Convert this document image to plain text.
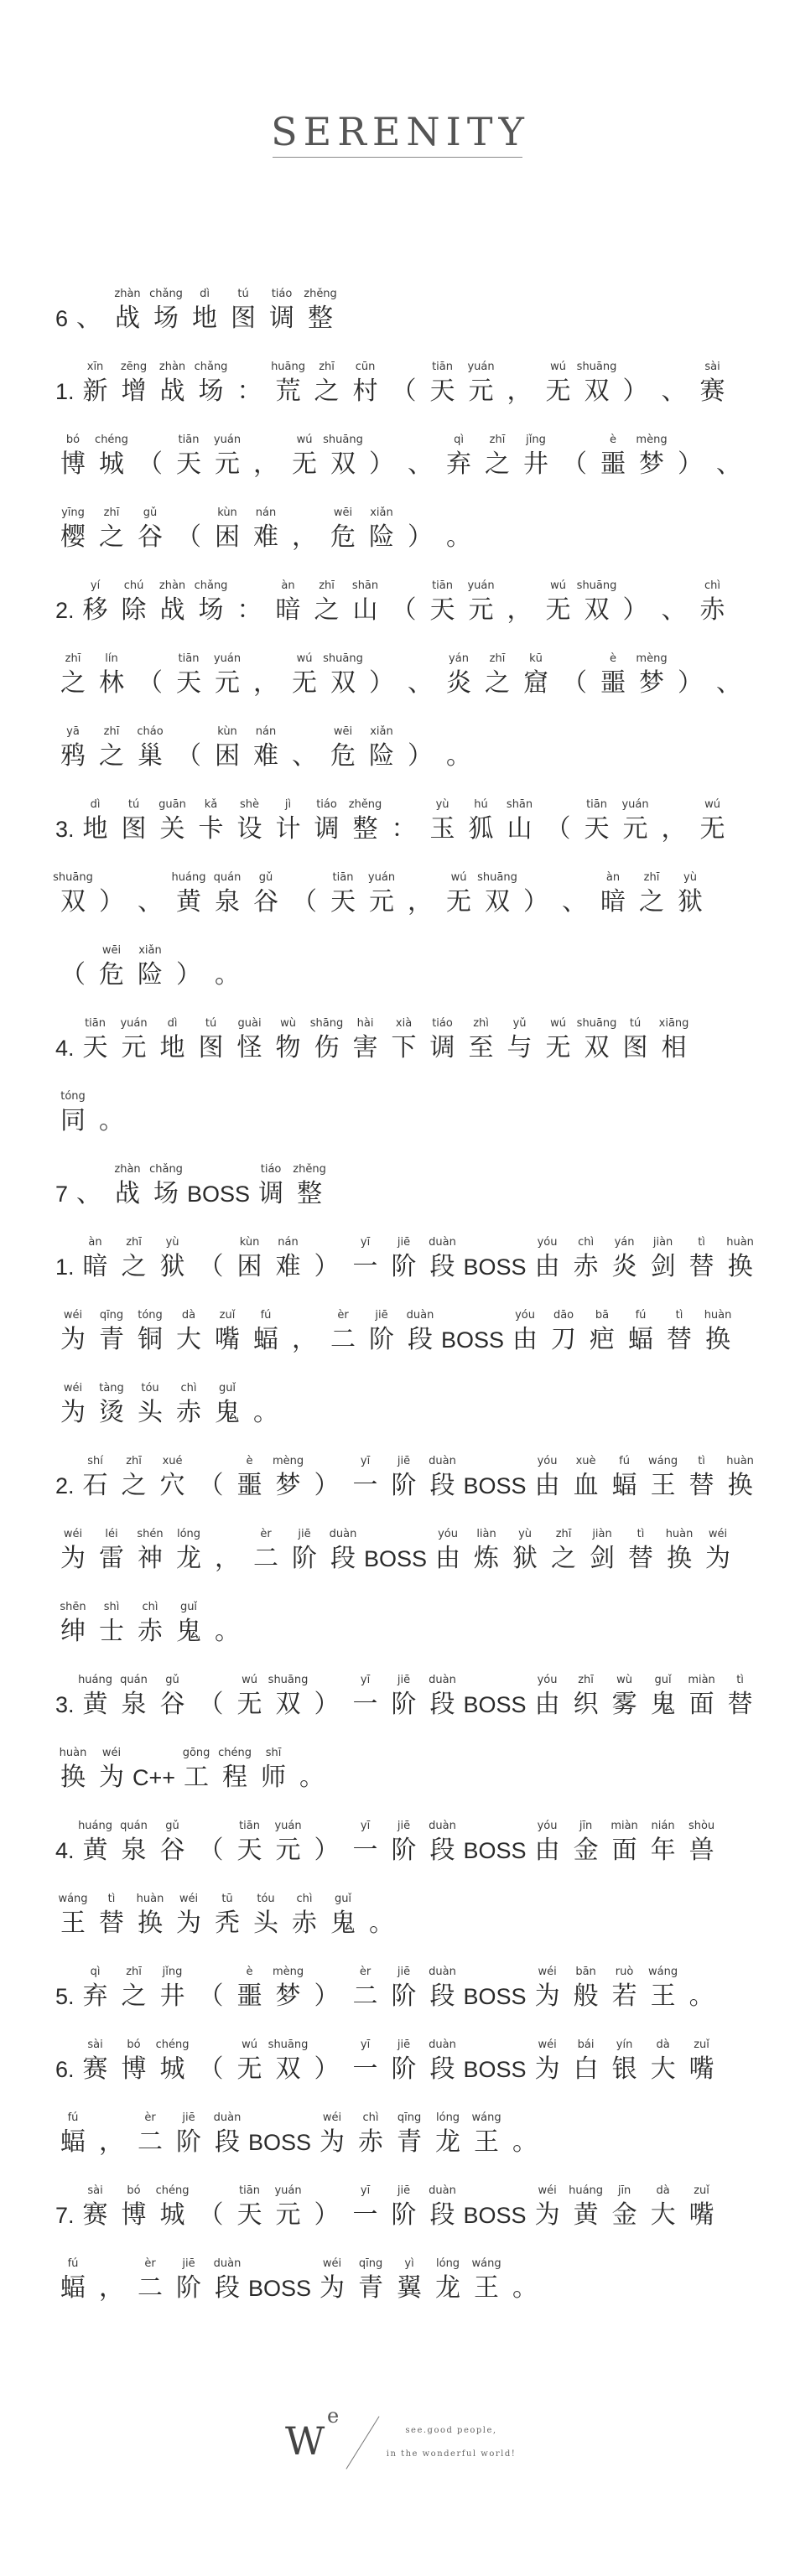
SERENITY
6 、
zhàn
战
chǎng
场
dì
地
tú
图
tiáo
调
zhěng
整
1.
xīn
新
zēng
增
zhàn
战
chǎng
场 ：
huāng
荒
zhī
之
cūn
村 （
tiān
天
yuán
元 ，
wú
无
shuāng
双 ） 、
sài
赛
bó
博
chéng
城 （
tiān
天
yuán
元 ，
wú
无
shuāng
双 ） 、
qì
弃
zhī
之
jǐng
井 （
è
噩
mèng
梦 ） 、
yīng
樱
zhī
之
gǔ
谷 （
kùn
困
nán
难 ，
wēi
危
xiǎn
险 ） 。
2.
yí
移
chú
除
zhàn
战
chǎng
场 ：
àn
暗
zhī
之
shān
山 （
tiān
天
yuán
元 ，
wú
无
shuāng
双 ） 、
chì
赤
zhī
之
lín
林 （
tiān
天
yuán
元 ，
wú
无
shuāng
双 ） 、
yán
炎
zhī
之
kū
窟 （
è
噩
mèng
梦 ） 、
yā
鸦
zhī
之
cháo
巢 （
kùn
困
nán
难 、
wēi
危
xiǎn
险 ） 。
3.
dì
地
tú
图
guān
关
kǎ
卡
shè
设
jì
计
tiáo
调
zhěng
整 ：
yù
玉
hú
狐
shān
山 （
tiān
天
yuán
元 ，
wú
无
shuāng
双 ） 、
huáng
黄
quán
泉
gǔ
谷 （
tiān
天
yuán
元 ，
wú
无
shuāng
双 ） 、
àn
暗
zhī
之
yù
狱
（
wēi
危
xiǎn
险 ） 。
4.
tiān
天
yuán
元
dì
地
tú
图
guài
怪
wù
物
shāng
伤
hài
害
xià
下
tiáo
调
zhì
至
yǔ
与
wú
无
shuāng
双
tú
图
xiāng
相
tóng
同 。
7 、
zhàn
战
chǎng
场 BOSS
tiáo
调
zhěng
整
1.
àn
暗
zhī
之
yù
狱 （
kùn
困
nán
难 ）
yī
一
jiē
阶
duàn
段 BOSS
yóu
由
chì
赤
yán
炎
jiàn
剑
tì
替
huàn
换
wéi
为
qīng
青
tóng
铜
dà
大
zuǐ
嘴
fú
蝠 ，
èr
二
jiē
阶
duàn
段 BOSS
yóu
由
dāo
刀
bā
疤
fú
蝠
tì
替
huàn
换
wéi
为
tàng
烫
tóu
头
chì
赤
guǐ
鬼 。
2.
shí
石
zhī
之
xué
穴 （
è
噩
mèng
梦 ）
yī
一
jiē
阶
duàn
段 BOSS
yóu
由
xuè
血
fú
蝠
wáng
王
tì
替
huàn
换
wéi
为
léi
雷
shén
神
lóng
龙 ，
èr
二
jiē
阶
duàn
段 BOSS
yóu
由
liàn
炼
yù
狱
zhī
之
jiàn
剑
tì
替
huàn
换
wéi
为
shēn
绅
shì
士
chì
赤
guǐ
鬼 。
3.
huáng
黄
quán
泉
gǔ
谷 （
wú
无
shuāng
双 ）
yī
一
jiē
阶
duàn
段 BOSS
yóu
由
zhī
织
wù
雾
guǐ
鬼
miàn
面
tì
替
huàn
换
wéi
为 C++
gōng
工
chéng
程
shī
师 。
4.
huáng
黄
quán
泉
gǔ
谷 （
tiān
天
yuán
元 ）
yī
一
jiē
阶
duàn
段 BOSS
yóu
由
jīn
金
miàn
面
nián
年
shòu
兽
wáng
王
tì
替
huàn
换
wéi
为
tū
秃
tóu
头
chì
赤
guǐ
鬼 。
5.
qì
弃
zhī
之
jǐng
井 （
è
噩
mèng
梦 ）
èr
二
jiē
阶
duàn
段 BOSS
wéi
为
bān
般
ruò
若
wáng
王 。
6.
sài
赛
bó
博
chéng
城 （
wú
无
shuāng
双 ）
yī
一
jiē
阶
duàn
段 BOSS
wéi
为
bái
白
yín
银
dà
大
zuǐ
嘴
fú
蝠 ，
èr
二
jiē
阶
duàn
段 BOSS
wéi
为
chì
赤
qīng
青
lóng
龙
wáng
王 。
7.
sài
赛
bó
博
chéng
城 （
tiān
天
yuán
元 ）
yī
一
jiē
阶
duàn
段 BOSS
wéi
为
huáng
黄
jīn
金
dà
大
zuǐ
嘴
fú
蝠 ，
èr
二
jiē
阶
duàn
段 BOSS
wéi
为
qīng
青
yì
翼
lóng
龙
wáng
王 。
W
e
see.good people,
in the wonderful world!
